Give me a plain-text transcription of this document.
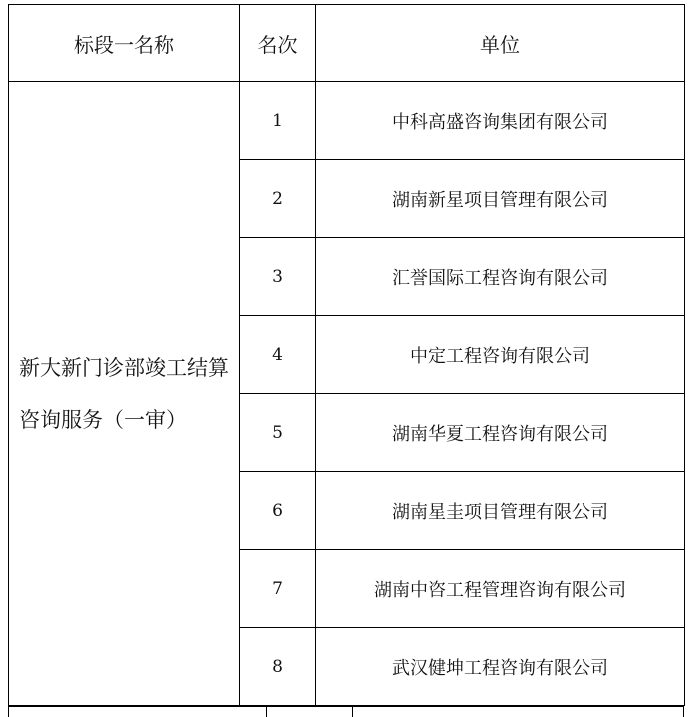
标段一名称	名次	单位
新大新门诊部竣工结算咨询服务（一审）	1	中科高盛咨询集团有限公司
	2	湖南新星项目管理有限公司
	3	汇誉国际工程咨询有限公司
	4	中定工程咨询有限公司
	5	湖南华夏工程咨询有限公司
	6	湖南星圭项目管理有限公司
	7	湖南中咨工程管理咨询有限公司
	8	武汉健坤工程咨询有限公司
